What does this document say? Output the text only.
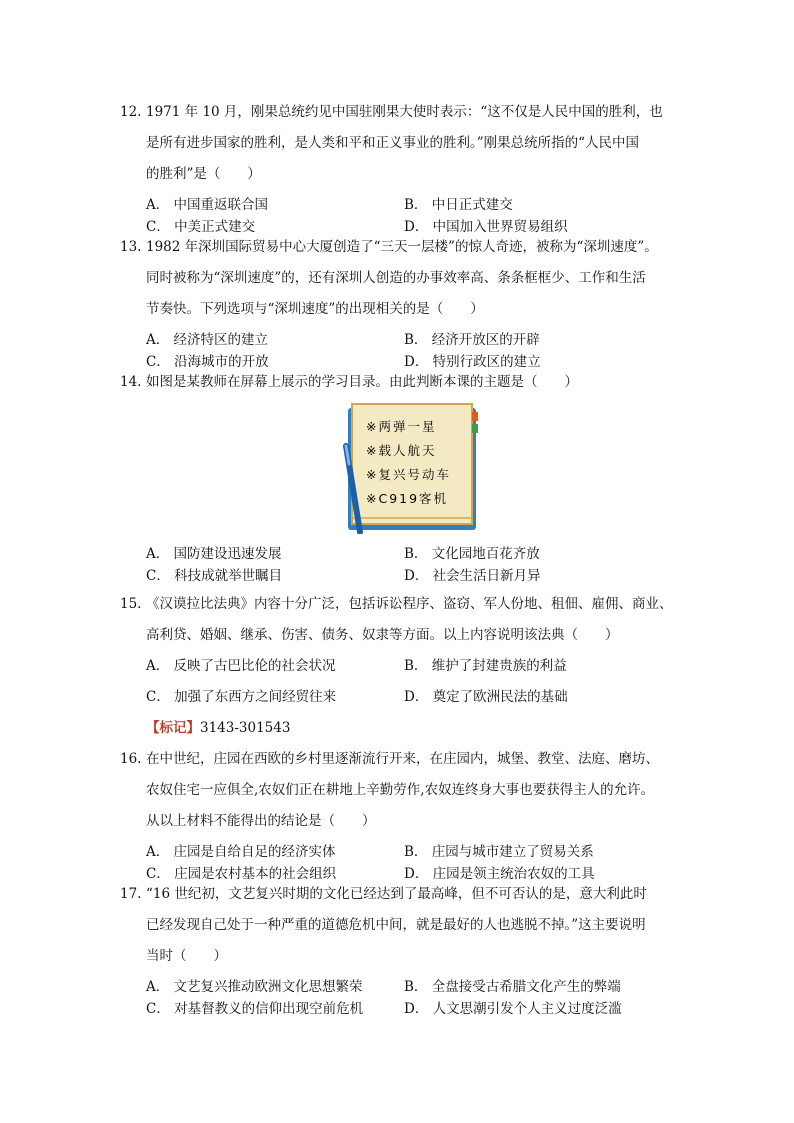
12. 1971 年 10 月，刚果总统约见中国驻刚果大使时表示：“这不仅是人民中国的胜利，也
是所有进步国家的胜利，是人类和平和正义事业的胜利。”刚果总统所指的“人民中国
的胜利”是（　　）
A． 中国重返联合国	B． 中日正式建交
C． 中美正式建交	D． 中国加入世界贸易组织
13. 1982 年深圳国际贸易中心大厦创造了“三天一层楼”的惊人奇迹，被称为“深圳速度”。
同时被称为“深圳速度”的，还有深圳人创造的办事效率高、条条框框少、工作和生活
节奏快。下列选项与“深圳速度”的出现相关的是（　　）
A． 经济特区的建立	B． 经济开放区的开辟
C． 沿海城市的开放	D． 特别行政区的建立
14. 如图是某教师在屏幕上展示的学习目录。由此判断本课的主题是（　　）
※两弹一星
※载人航天
※复兴号动车
※C919客机
A． 国防建设迅速发展	B． 文化园地百花齐放
C． 科技成就举世瞩目	D． 社会生活日新月异
15. 《汉谟拉比法典》内容十分广泛，包括诉讼程序、盗窃、军人份地、租佃、雇佣、商业、
高利贷、婚姻、继承、伤害、债务、奴隶等方面。以上内容说明该法典（　　）
A． 反映了古巴比伦的社会状况	B． 维护了封建贵族的利益
C． 加强了东西方之间经贸往来	D． 奠定了欧洲民法的基础
【标记】3143-301543
16. 在中世纪，庄园在西欧的乡村里逐渐流行开来，在庄园内，城堡、教堂、法庭、磨坊、
农奴住宅一应俱全,农奴们正在耕地上辛勤劳作,农奴连终身大事也要获得主人的允许。
从以上材料不能得出的结论是（　　）
A． 庄园是自给自足的经济实体	B． 庄园与城市建立了贸易关系
C． 庄园是农村基本的社会组织	D． 庄园是领主统治农奴的工具
17. “16 世纪初，文艺复兴时期的文化已经达到了最高峰，但不可否认的是，意大利此时
已经发现自己处于一种严重的道德危机中间，就是最好的人也逃脱不掉。”这主要说明
当时（　　）
A． 文艺复兴推动欧洲文化思想繁荣	B． 全盘接受古希腊文化产生的弊端
C． 对基督教义的信仰出现空前危机	D． 人文思潮引发个人主义过度泛滥
